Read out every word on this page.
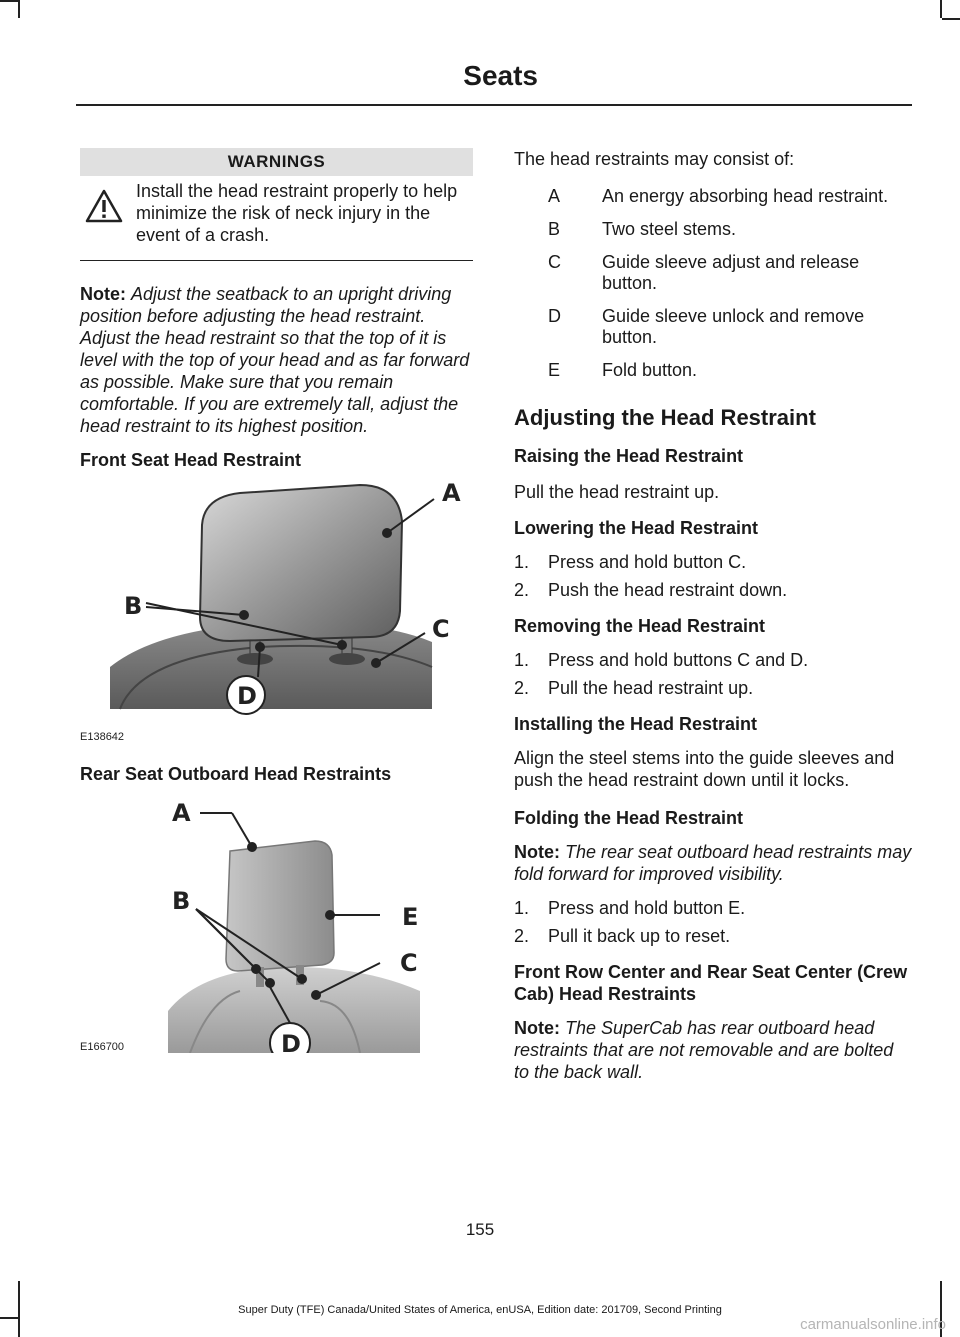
Seats
WARNINGS
Install the head restraint properly to help minimize the risk of neck injury in the event of a crash.

Note: Adjust the seatback to an upright driving position before adjusting the head restraint. Adjust the head restraint so that the top of it is level with the top of your head and as far forward as possible. Make sure that you remain comfortable. If you are extremely tall, adjust the head restraint to its highest position.

Front Seat Head Restraint
A
B
C
D
E138642
Rear Seat Outboard Head Restraints
A
B
E
C
D
E166700

The head restraints may consist of:

A	An energy absorbing head restraint.
B	Two steel stems.
C	Guide sleeve adjust and release button.
D	Guide sleeve unlock and remove button.
E	Fold button.
Adjusting the Head Restraint
Raising the Head Restraint

Pull the head restraint up.

Lowering the Head Restraint
1.	Press and hold button C.
2.	Push the head restraint down.
Removing the Head Restraint
1.	Press and hold buttons C and D.
2.	Pull the head restraint up.
Installing the Head Restraint

Align the steel stems into the guide sleeves and push the head restraint down until it locks.

Folding the Head Restraint

Note: The rear seat outboard head restraints may fold forward for improved visibility.

1.	Press and hold button E.
2.	Pull it back up to reset.
Front Row Center and Rear Seat Center (Crew Cab) Head Restraints

Note: The SuperCab has rear outboard head restraints that are not removable and are bolted to the back wall.

155
Super Duty (TFE) Canada/United States of America, enUSA, Edition date: 201709, Second Printing
carmanualsonline.info
